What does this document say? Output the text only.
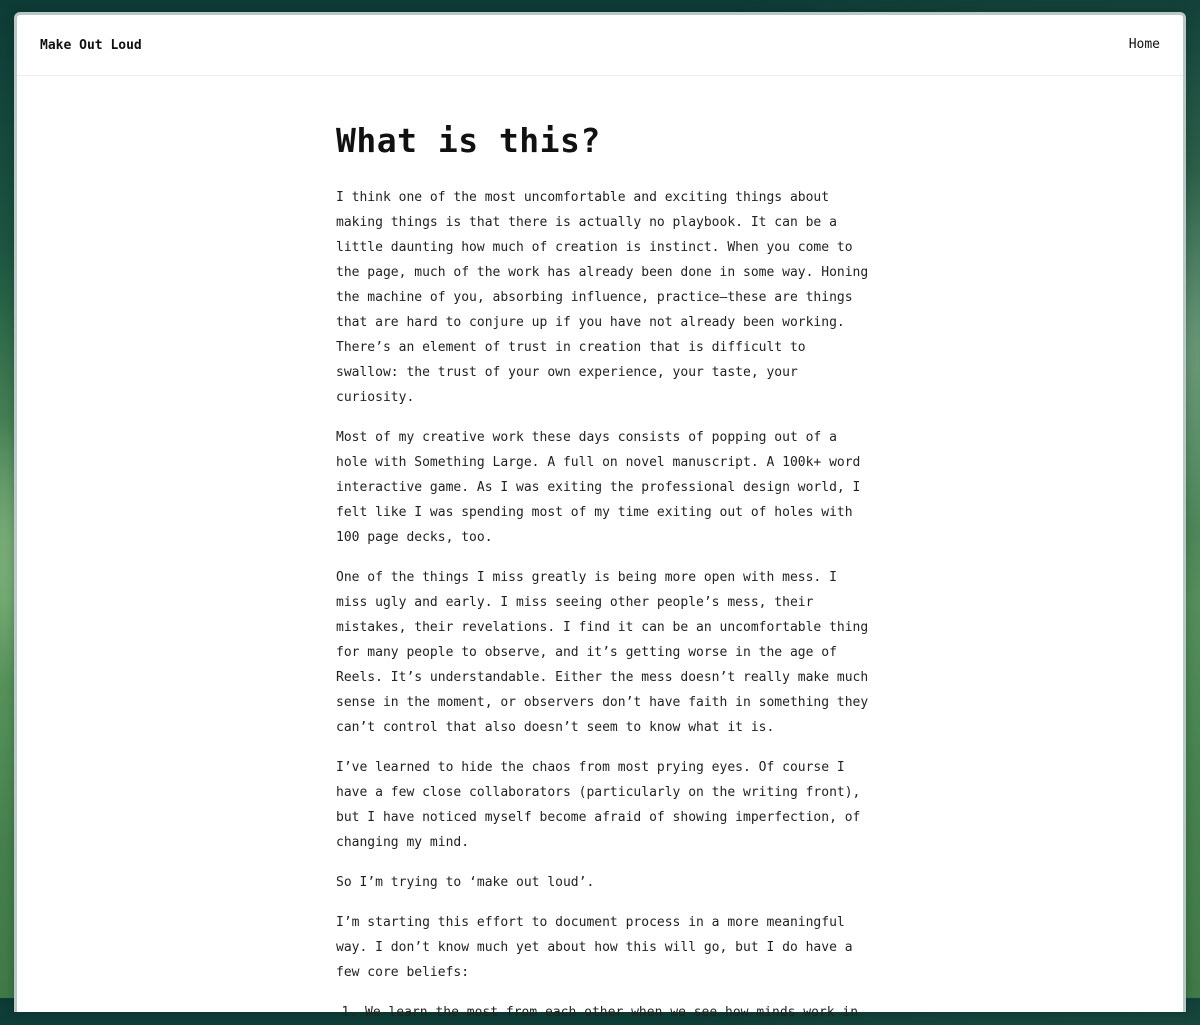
Make Out Loud	Home
What is this?

I think one of the most uncomfortable and exciting things about making things is that there is actually no playbook. It can be a little daunting how much of creation is instinct. When you come to the page, much of the work has already been done in some way. Honing the machine of you, absorbing influence, practice—these are things that are hard to conjure up if you have not already been working. There’s an element of trust in creation that is difficult to swallow: the trust of your own experience, your taste, your curiosity.

Most of my creative work these days consists of popping out of a hole with Something Large. A full on novel manuscript. A 100k+ word interactive game. As I was exiting the professional design world, I felt like I was spending most of my time exiting out of holes with 100 page decks, too.

One of the things I miss greatly is being more open with mess. I miss ugly and early. I miss seeing other people’s mess, their mistakes, their revelations. I find it can be an uncomfortable thing for many people to observe, and it’s getting worse in the age of Reels. It’s understandable. Either the mess doesn’t really make much sense in the moment, or observers don’t have faith in something they can’t control that also doesn’t seem to know what it is.

I’ve learned to hide the chaos from most prying eyes. Of course I have a few close collaborators (particularly on the writing front), but I have noticed myself become afraid of showing imperfection, of changing my mind.

So I’m trying to ‘make out loud’.

I’m starting this effort to document process in a more meaningful way. I don’t know much yet about how this will go, but I do have a few core beliefs:

1. We learn the most from each other when we see how minds work in
